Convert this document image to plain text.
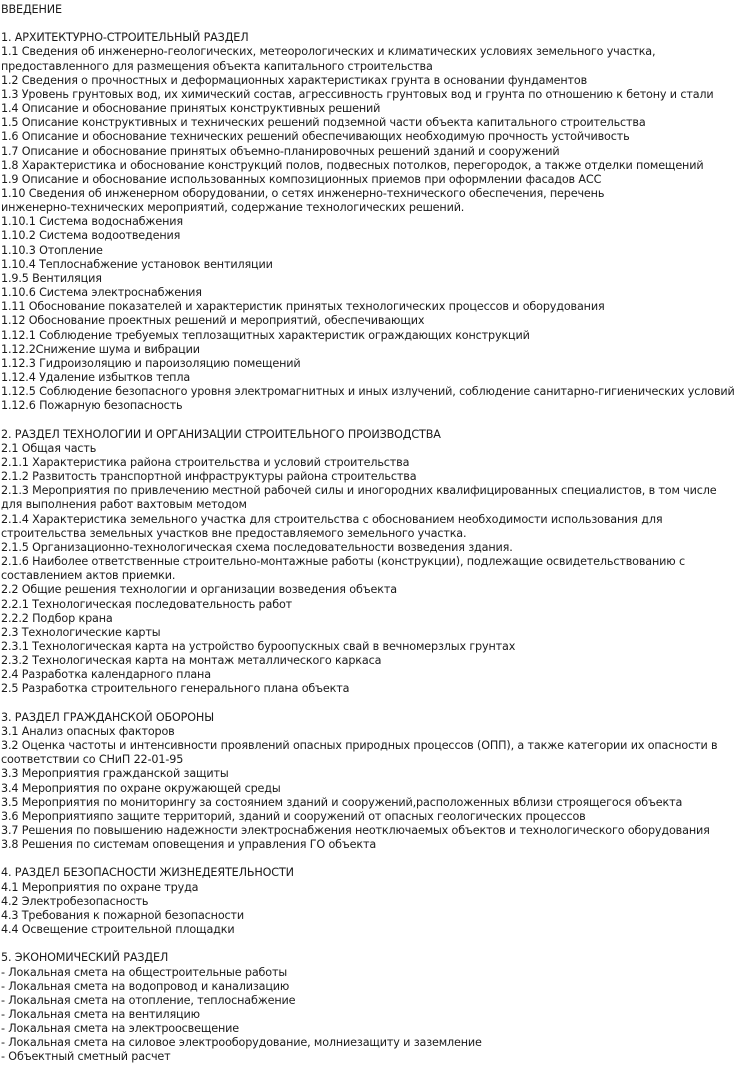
ВВЕДЕНИЕ
1. АРХИТЕКТУРНО-СТРОИТЕЛЬНЫЙ РАЗДЕЛ
1.1 Сведения об инженерно-геологических, метеорологических и климатических условиях земельного участка,
предоставленного для размещения объекта капитального строительства
1.2 Сведения о прочностных и деформационных характеристиках грунта в основании фундаментов
1.3 Уровень грунтовых вод, их химический состав, агрессивность грунтовых вод и грунта по отношению к бетону и стали
1.4 Описание и обоснование принятых конструктивных решений
1.5 Описание конструктивных и технических решений подземной части объекта капитального строительства
1.6 Описание и обоснование технических решений обеспечивающих необходимую прочность устойчивость
1.7 Описание и обоснование принятых объемно-планировочных решений зданий и сооружений
1.8 Характеристика и обоснование конструкций полов, подвесных потолков, перегородок, а также отделки помещений
1.9 Описание и обоснование использованных композиционных приемов при оформлении фасадов АСС
1.10 Сведения об инженерном оборудовании, о сетях инженерно-технического обеспечения, перечень
инженерно-технических мероприятий, содержание технологических решений.
1.10.1 Система водоснабжения
1.10.2 Система водоотведения
1.10.3 Отопление
1.10.4 Теплоснабжение установок вентиляции
1.9.5 Вентиляция
1.10.6 Система электроснабжения
1.11 Обоснование показателей и характеристик принятых технологических процессов и оборудования
1.12 Обоснование проектных решений и мероприятий, обеспечивающих
1.12.1 Соблюдение требуемых теплозащитных характеристик ограждающих конструкций
1.12.2Снижение шума и вибрации
1.12.3 Гидроизоляцию и пароизоляцию помещений
1.12.4 Удаление избытков тепла
1.12.5 Соблюдение безопасного уровня электромагнитных и иных излучений, соблюдение санитарно-гигиенических условий
1.12.6 Пожарную безопасность
2. РАЗДЕЛ ТЕХНОЛОГИИ И ОРГАНИЗАЦИИ СТРОИТЕЛЬНОГО ПРОИЗВОДСТВА
2.1 Общая часть
2.1.1 Характеристика района строительства и условий строительства
2.1.2 Развитость транспортной инфраструктуры района строительства
2.1.3 Мероприятия по привлечению местной рабочей силы и иногородних квалифицированных специалистов, в том числе
для выполнения работ вахтовым методом
2.1.4 Характеристика земельного участка для строительства с обоснованием необходимости использования для
строительства земельных участков вне предоставляемого земельного участка.
2.1.5 Организационно-технологическая схема последовательности возведения здания.
2.1.6 Наиболее ответственные строительно-монтажные работы (конструкции), подлежащие освидетельствованию с
составлением актов приемки.
2.2 Общие решения технологии и организации возведения объекта
2.2.1 Технологическая последовательность работ
2.2.2 Подбор крана
2.3 Технологические карты
2.3.1 Технологическая карта на устройство буроопускных свай в вечномерзлых грунтах
2.3.2 Технологическая карта на монтаж металлического каркаса
2.4 Разработка календарного плана
2.5 Разработка строительного генерального плана объекта
3. РАЗДЕЛ ГРАЖДАНСКОЙ ОБОРОНЫ
3.1 Анализ опасных факторов
3.2 Оценка частоты и интенсивности проявлений опасных природных процессов (ОПП), а также категории их опасности в
соответствии со СНиП 22-01-95
3.3 Мероприятия гражданской защиты
3.4 Мероприятия по охране окружающей среды
3.5 Мероприятия по мониторингу за состоянием зданий и сооружений,расположенных вблизи строящегося объекта
3.6 Мероприятияпо защите территорий, зданий и сооружений от опасных геологических процессов
3.7 Решения по повышению надежности электроснабжения неотключаемых объектов и технологического оборудования
3.8 Решения по системам оповещения и управления ГО объекта
4. РАЗДЕЛ БЕЗОПАСНОСТИ ЖИЗНЕДЕЯТЕЛЬНОСТИ
4.1 Мероприятия по охране труда
4.2 Электробезопасность
4.3 Требования к пожарной безопасности
4.4 Освещение строительной площадки
5. ЭКОНОМИЧЕСКИЙ РАЗДЕЛ
- Локальная смета на общестроительные работы
- Локальная смета на водопровод и канализацию
- Локальная смета на отопление, теплоснабжение
- Локальная смета на вентиляцию
- Локальная смета на электроосвещение
- Локальная смета на силовое электрооборудование, молниезащиту и заземление
- Объектный сметный расчет
